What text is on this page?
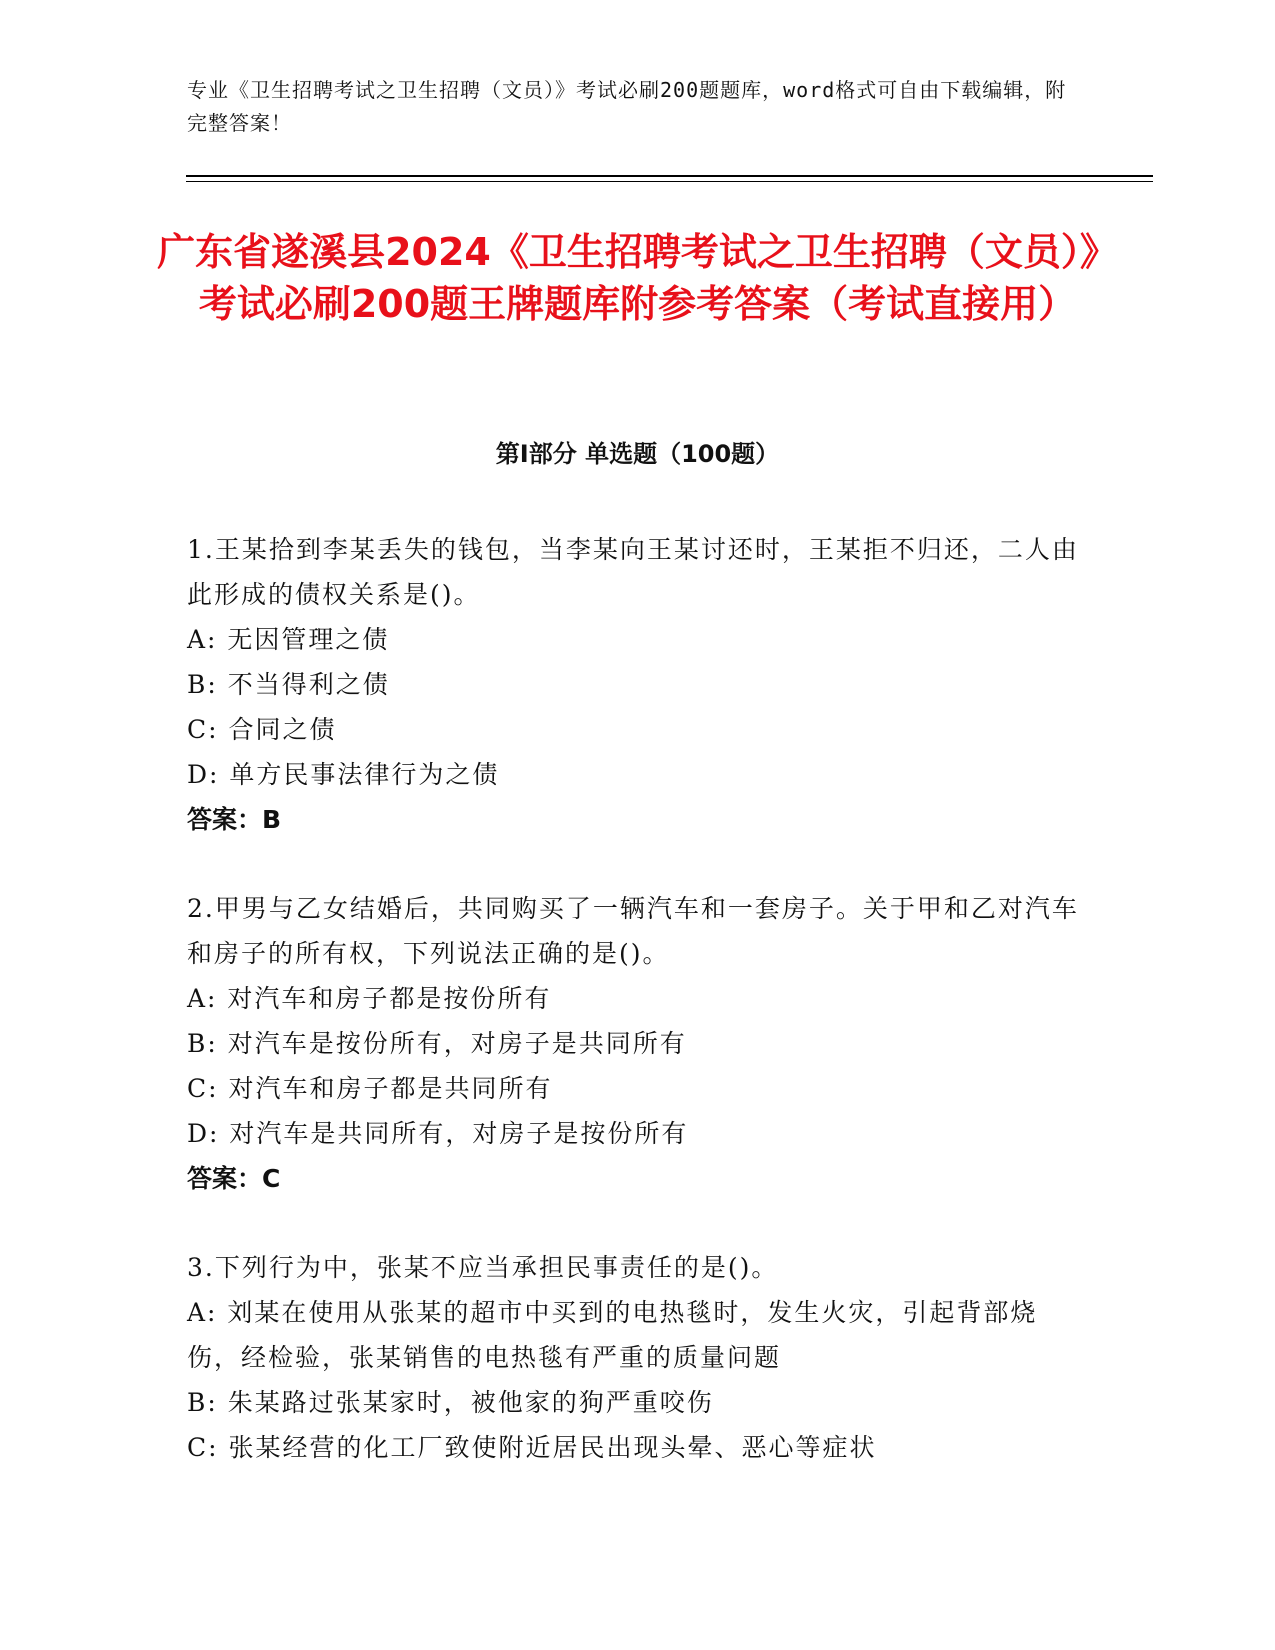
专业《卫生招聘考试之卫生招聘（文员）》考试必刷200题题库，word格式可自由下载编辑，附完整答案！
广东省遂溪县2024《卫生招聘考试之卫生招聘（文员）》考试必刷200题王牌题库附参考答案（考试直接用）
第Ⅰ部分 单选题（100题）

1.王某拾到李某丢失的钱包，当李某向王某讨还时，王某拒不归还，二人由此形成的债权关系是()。

A: 无因管理之债

B: 不当得利之债

C: 合同之债

D: 单方民事法律行为之债

答案：B

2.甲男与乙女结婚后，共同购买了一辆汽车和一套房子。关于甲和乙对汽车和房子的所有权，下列说法正确的是()。

A: 对汽车和房子都是按份所有

B: 对汽车是按份所有，对房子是共同所有

C: 对汽车和房子都是共同所有

D: 对汽车是共同所有，对房子是按份所有

答案：C

3.下列行为中，张某不应当承担民事责任的是()。

A: 刘某在使用从张某的超市中买到的电热毯时，发生火灾，引起背部烧伤，经检验，张某销售的电热毯有严重的质量问题

B: 朱某路过张某家时，被他家的狗严重咬伤

C: 张某经营的化工厂致使附近居民出现头晕、恶心等症状
